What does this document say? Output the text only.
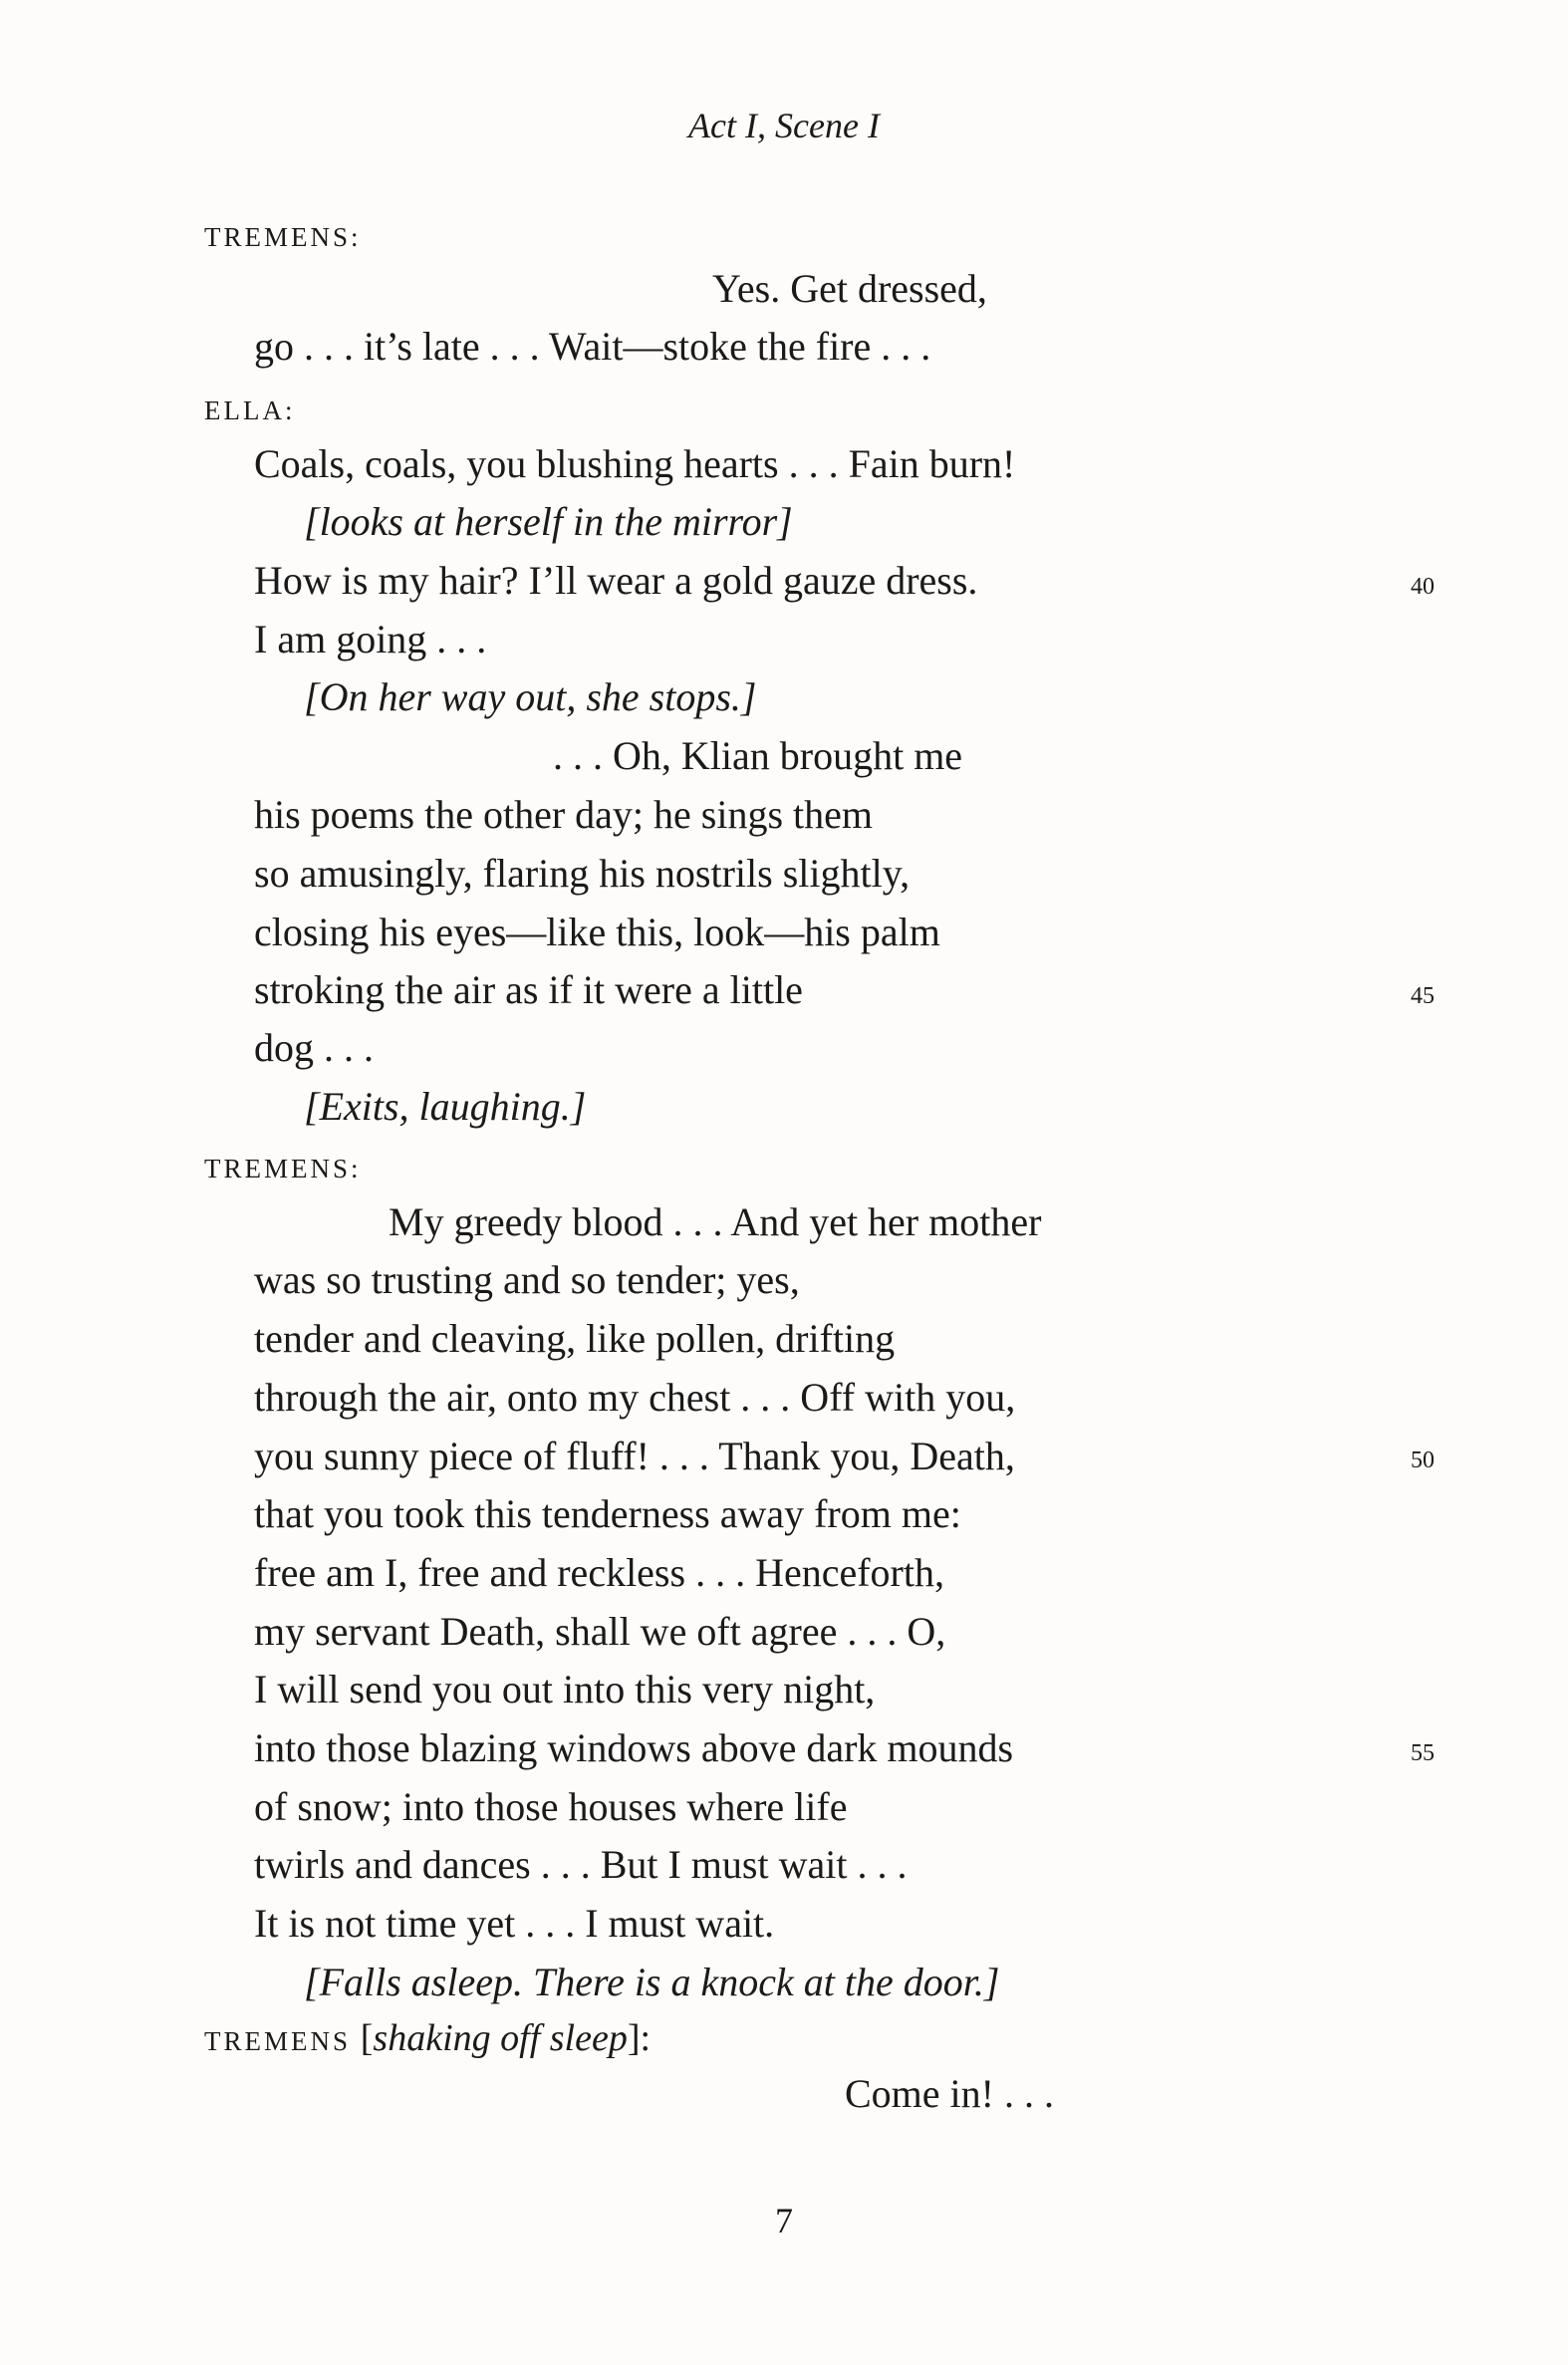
Act I, Scene I
TREMENS:
Yes. Get dressed,
go . . . it’s late . . . Wait—stoke the fire . . .
ELLA:
Coals, coals, you blushing hearts . . . Fain burn!
[looks at herself in the mirror]
How is my hair? I’ll wear a gold gauze dress.	40
I am going . . .
[On her way out, she stops.]
. . . Oh, Klian brought me
his poems the other day; he sings them
so amusingly, flaring his nostrils slightly,
closing his eyes—like this, look—his palm
stroking the air as if it were a little	45
dog . . .
[Exits, laughing.]
TREMENS:
My greedy blood . . . And yet her mother
was so trusting and so tender; yes,
tender and cleaving, like pollen, drifting
through the air, onto my chest . . . Off with you,
you sunny piece of fluff! . . . Thank you, Death,	50
that you took this tenderness away from me:
free am I, free and reckless . . . Henceforth,
my servant Death, shall we oft agree . . . O,
I will send you out into this very night,
into those blazing windows above dark mounds	55
of snow; into those houses where life
twirls and dances . . . But I must wait . . .
It is not time yet . . . I must wait.
[Falls asleep. There is a knock at the door.]
TREMENS [shaking off sleep]:
Come in! . . .
7
